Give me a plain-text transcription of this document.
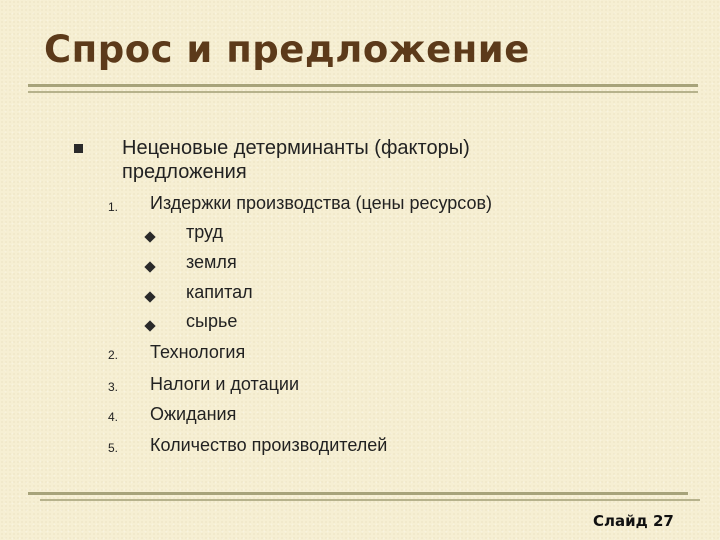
Спрос и предложение
Неценовые детерминанты (факторы)
предложения
1. Издержки производства (цены ресурсов)
труд
земля
капитал
сырье
2. Технология
3. Налоги и дотации
4. Ожидания
5. Количество производителей
Слайд 27
